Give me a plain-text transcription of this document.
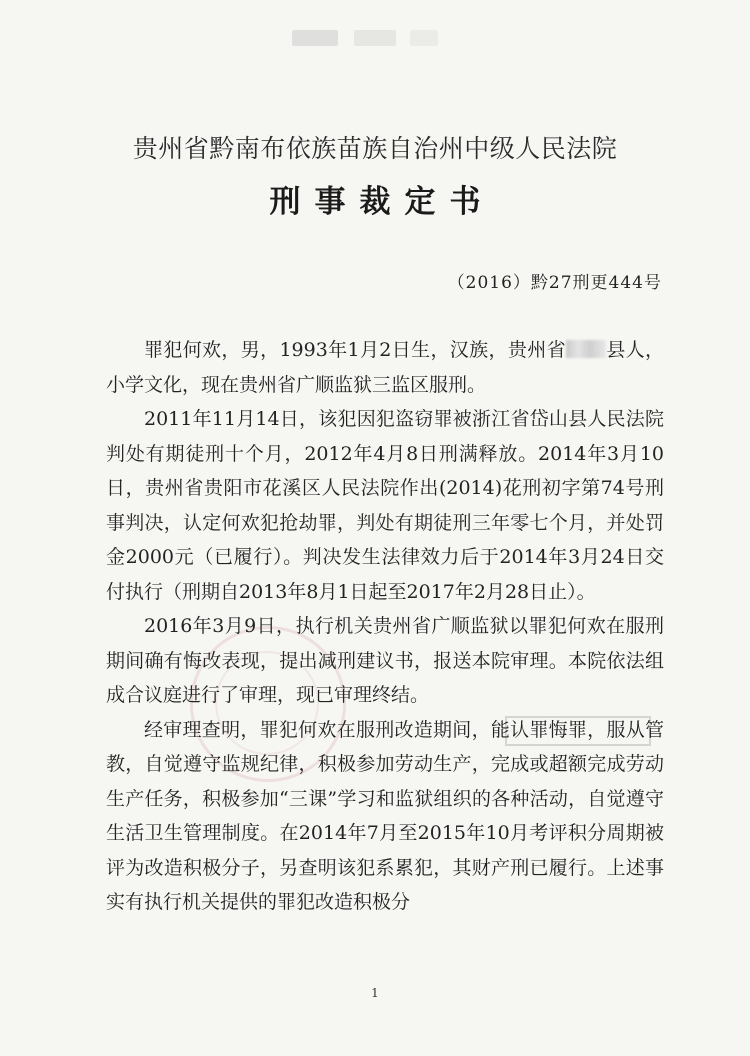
贵州省黔南布依族苗族自治州中级人民法院
刑事裁定书
（2016）黔27刑更444号

罪犯何欢，男，1993年1月2日生，汉族，贵州省 县人，小学文化，现在贵州省广顺监狱三监区服刑。

2011年11月14日，该犯因犯盗窃罪被浙江省岱山县人民法院判处有期徒刑十个月，2012年4月8日刑满释放。2014年3月10日，贵州省贵阳市花溪区人民法院作出(2014)花刑初字第74号刑事判决，认定何欢犯抢劫罪，判处有期徒刑三年零七个月，并处罚金2000元（已履行）。判决发生法律效力后于2014年3月24日交付执行（刑期自2013年8月1日起至2017年2月28日止）。

2016年3月9日，执行机关贵州省广顺监狱以罪犯何欢在服刑期间确有悔改表现，提出减刑建议书，报送本院审理。本院依法组成合议庭进行了审理，现已审理终结。

经审理查明，罪犯何欢在服刑改造期间，能认罪悔罪，服从管教，自觉遵守监规纪律，积极参加劳动生产，完成或超额完成劳动生产任务，积极参加“三课”学习和监狱组织的各种活动，自觉遵守生活卫生管理制度。在2014年7月至2015年10月考评积分周期被评为改造积极分子，另查明该犯系累犯，其财产刑已履行。上述事实有执行机关提供的罪犯改造积极分

1
